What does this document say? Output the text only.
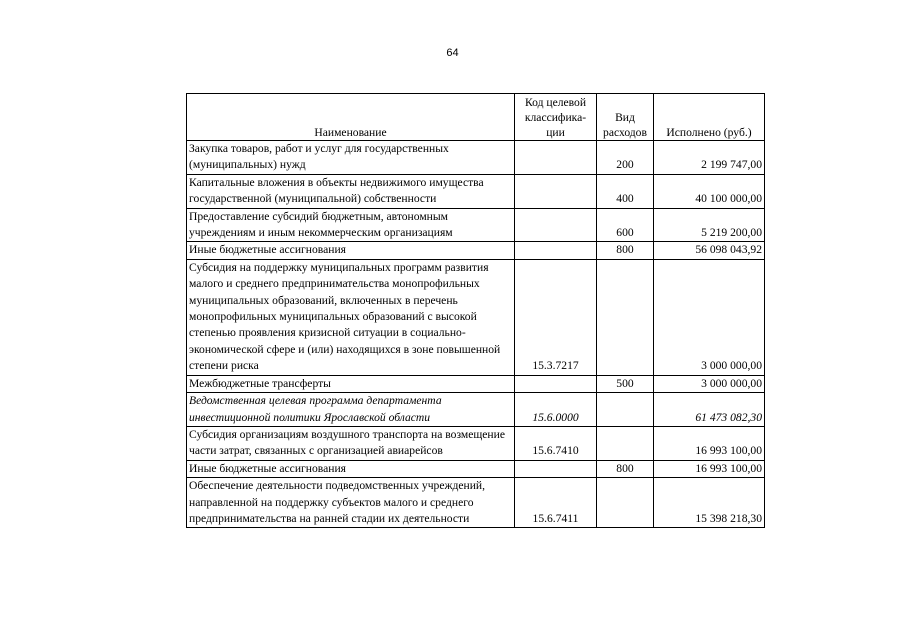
64
Наименование	Код целевой классифика-ции	Вид расходов	Исполнено (руб.)
Закупка товаров, работ и услуг для государственных (муниципальных) нужд		200	2 199 747,00
Капитальные вложения в объекты недвижимого имущества государственной (муниципальной) собственности		400	40 100 000,00
Предоставление субсидий бюджетным, автономным учреждениям и иным некоммерческим организациям		600	5 219 200,00
Иные бюджетные ассигнования		800	56 098 043,92
Субсидия на поддержку муниципальных программ развития малого и среднего предпринимательства монопрофильных муниципальных образований, включенных в перечень монопрофильных муниципальных образований с высокой степенью проявления кризисной ситуации в социально-экономической сфере и (или) находящихся в зоне повышенной степени риска	15.3.7217		3 000 000,00
Межбюджетные трансферты		500	3 000 000,00
Ведомственная целевая программа департамента инвестиционной политики Ярославской области	15.6.0000		61 473 082,30
Субсидия организациям воздушного транспорта на возмещение части затрат, связанных с организацией авиарейсов	15.6.7410		16 993 100,00
Иные бюджетные ассигнования		800	16 993 100,00
Обеспечение деятельности подведомственных учреждений, направленной на поддержку субъектов малого и среднего предпринимательства на ранней стадии их деятельности	15.6.7411		15 398 218,30
